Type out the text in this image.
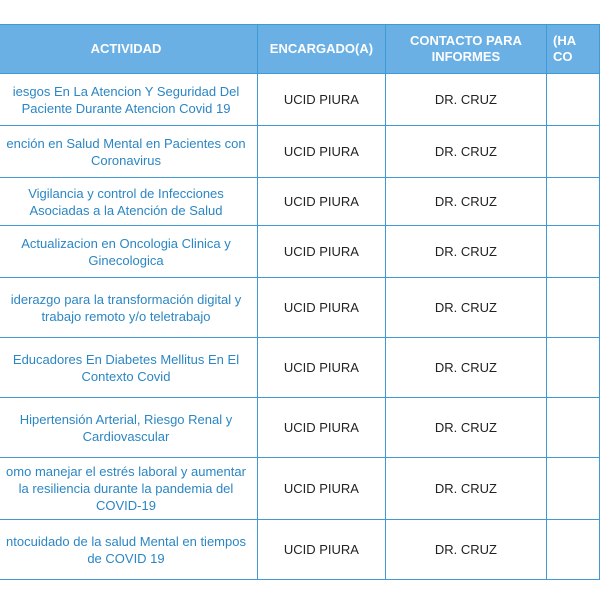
ACTIVIDAD	ENCARGADO(A)	CONTACTO PARA INFORMES	(HA CO
iesgos En La Atencion Y Seguridad Del Paciente Durante Atencion Covid 19	UCID PIURA	DR. CRUZ	
ención en Salud Mental en Pacientes con Coronavirus	UCID PIURA	DR. CRUZ	
Vigilancia y control de Infecciones Asociadas a la Atención de Salud	UCID PIURA	DR. CRUZ	
Actualizacion en Oncologia Clinica y Ginecologica	UCID PIURA	DR. CRUZ	
iderazgo para la transformación digital y trabajo remoto y/o teletrabajo	UCID PIURA	DR. CRUZ	
Educadores En Diabetes Mellitus En El Contexto Covid	UCID PIURA	DR. CRUZ	
Hipertensión Arterial, Riesgo Renal y Cardiovascular	UCID PIURA	DR. CRUZ	
omo manejar el estrés laboral y aumentar la resiliencia durante la pandemia del COVID-19	UCID PIURA	DR. CRUZ	
ntocuidado de la salud Mental en tiempos de COVID 19	UCID PIURA	DR. CRUZ	
